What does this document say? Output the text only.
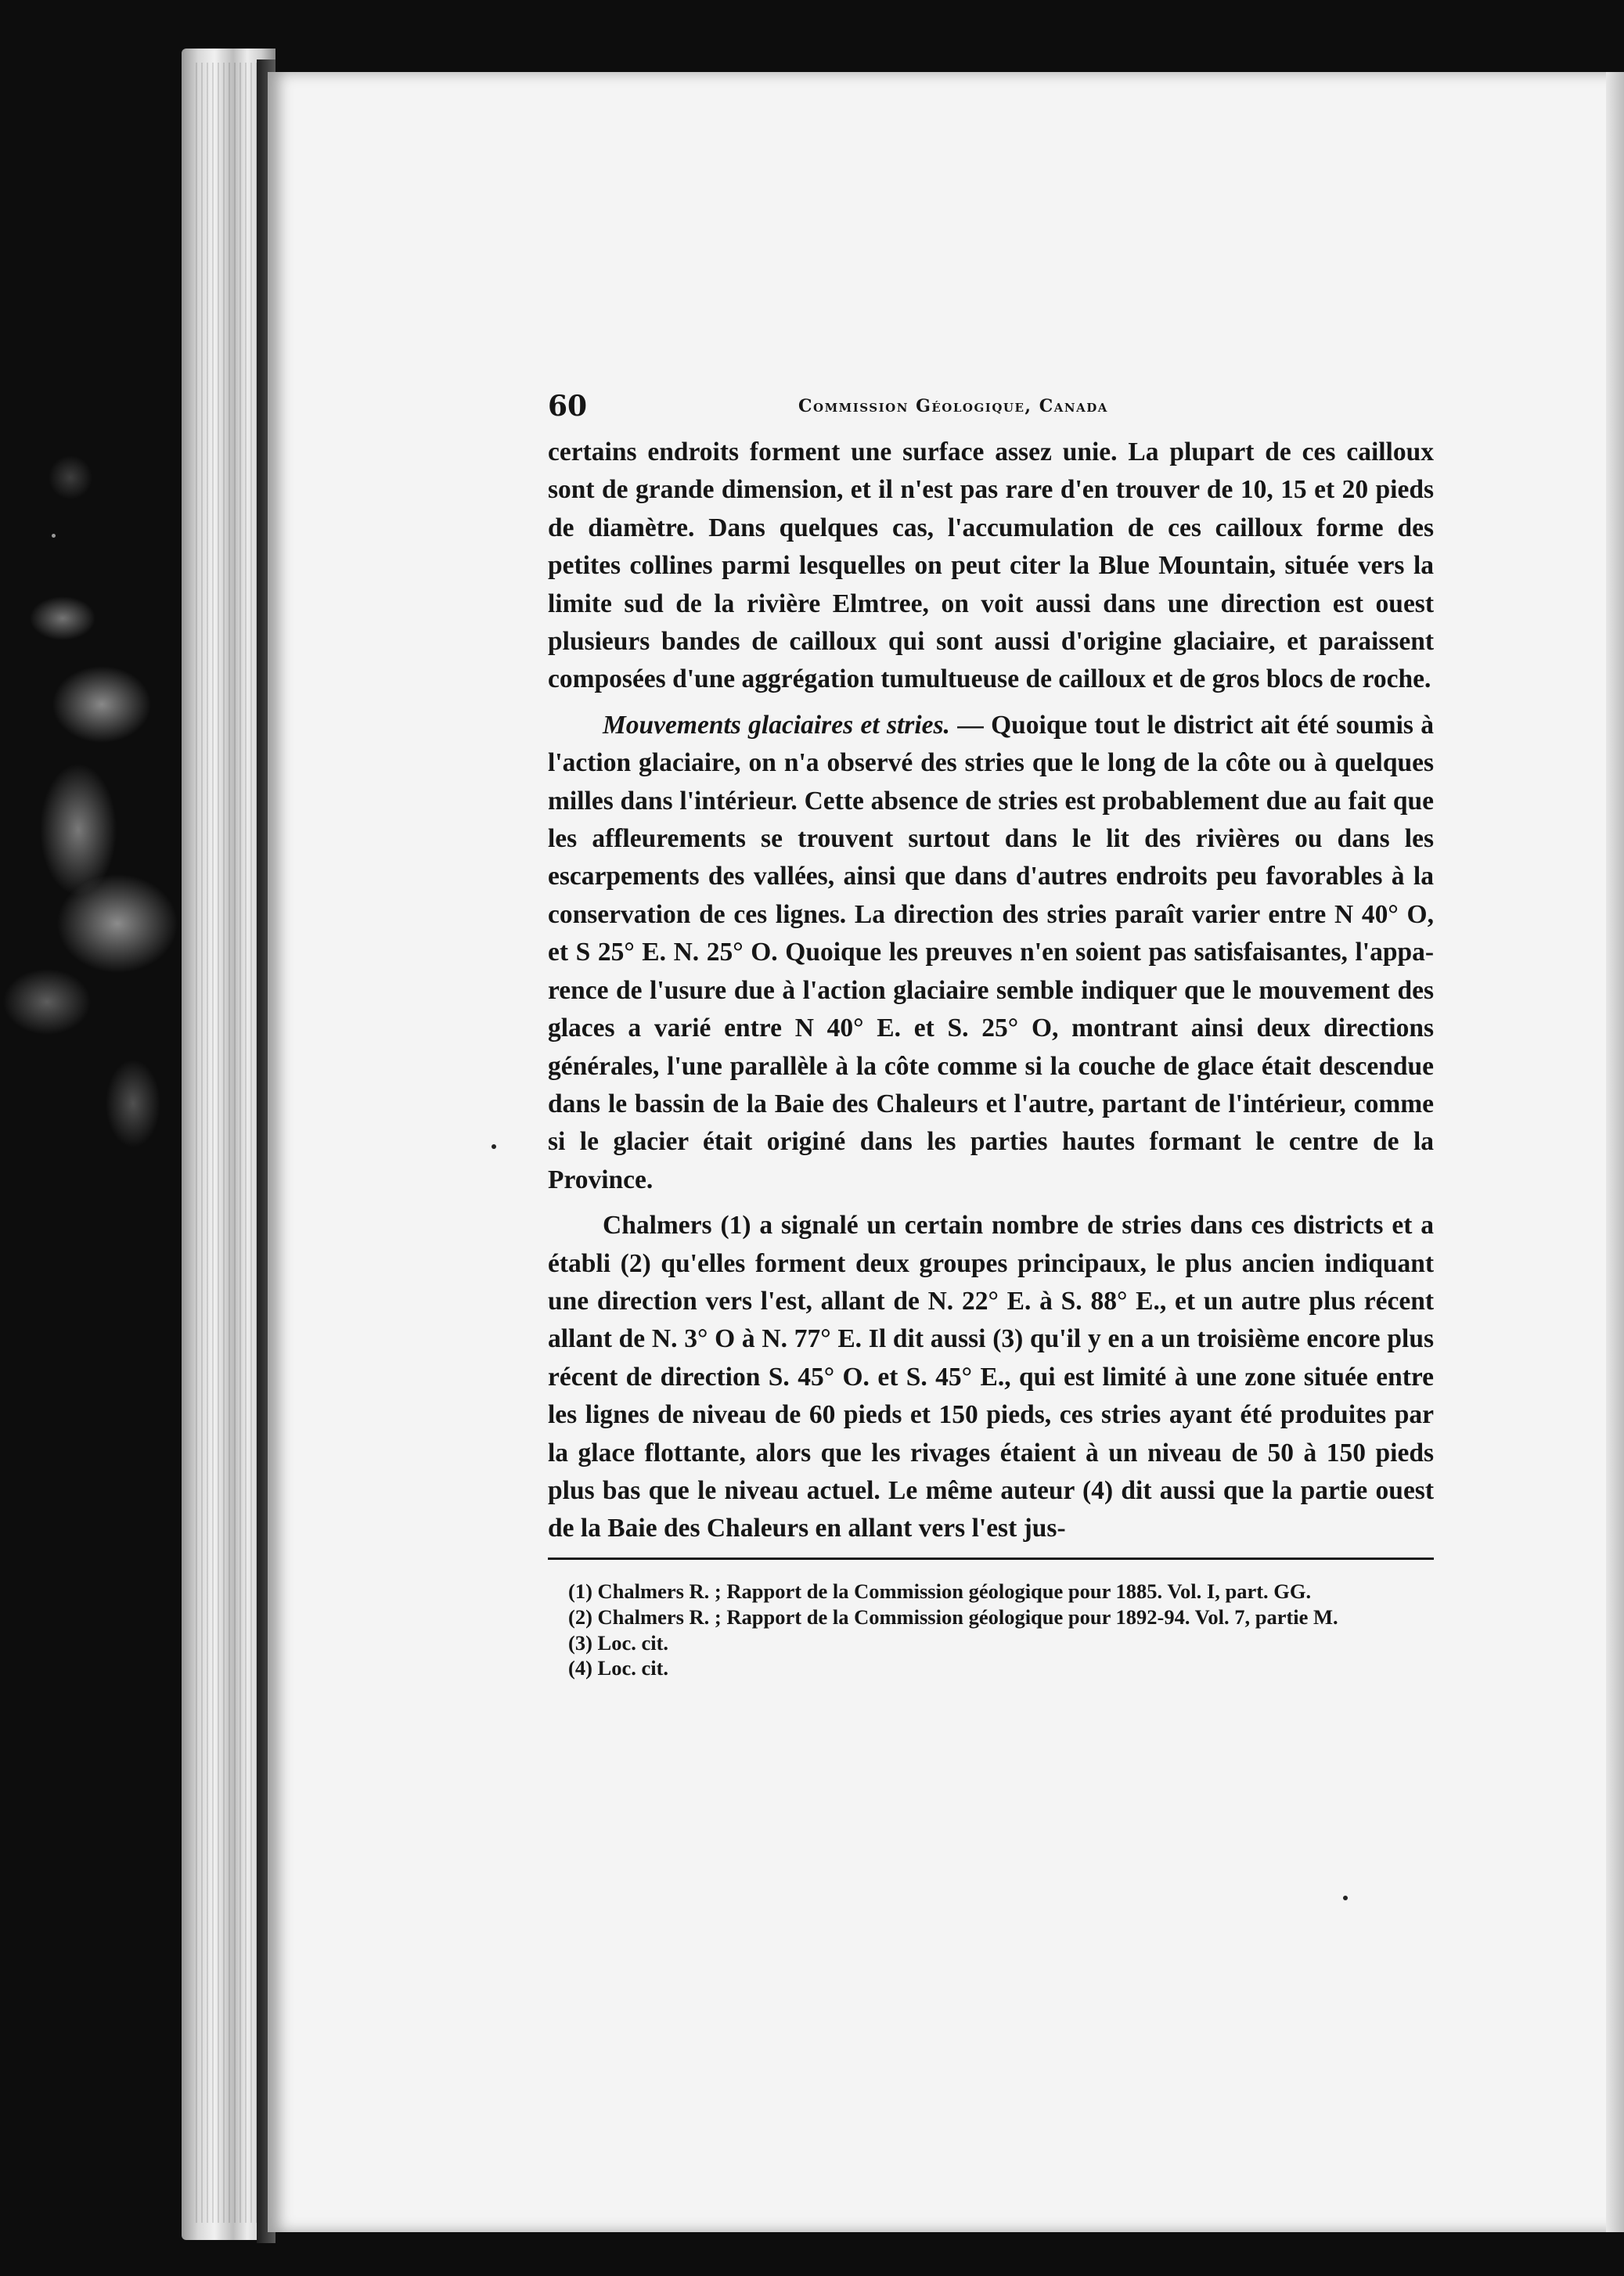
60	Commission Géologique, Canada

certains endroits forment une surface assez unie. La plupart de ces cailloux sont de grande dimension, et il n'est pas rare d'en trouver de 10, 15 et 20 pieds de diamètre. Dans quelques cas, l'accumulation de ces cailloux forme des petites collines parmi lesquelles on peut citer la Blue Mountain, située vers la limite sud de la rivière Elmtree, on voit aussi dans une direction est ouest plusieurs bandes de cailloux qui sont aussi d'origine glaciaire, et paraissent composées d'une aggrégation tumultueuse de cailloux et de gros blocs de roche.

Mouvements glaciaires et stries. — Quoique tout le district ait été soumis à l'action glaciaire, on n'a observé des stries que le long de la côte ou à quelques milles dans l'intérieur. Cette absence de stries est probablement due au fait que les affleurements se trouvent surtout dans le lit des rivières ou dans les escarpements des vallées, ainsi que dans d'autres endroits peu favorables à la conservation de ces lignes. La direction des stries paraît varier entre N 40° O, et S 25° E. N. 25° O. Quoique les preuves n'en soient pas satisfaisantes, l'apparence de l'usure due à l'action glaciaire semble indiquer que le mouvement des glaces a varié entre N 40° E. et S. 25° O, montrant ainsi deux directions générales, l'une parallèle à la côte comme si la couche de glace était descendue dans le bassin de la Baie des Chaleurs et l'autre, partant de l'intérieur, comme si le glacier était originé dans les parties hautes formant le centre de la Province.

Chalmers (1) a signalé un certain nombre de stries dans ces districts et a établi (2) qu'elles forment deux groupes principaux, le plus ancien indiquant une direction vers l'est, allant de N. 22° E. à S. 88° E., et un autre plus récent allant de N. 3° O à N. 77° E. Il dit aussi (3) qu'il y en a un troisième encore plus récent de direction S. 45° O. et S. 45° E., qui est limité à une zone située entre les lignes de niveau de 60 pieds et 150 pieds, ces stries ayant été produites par la glace flottante, alors que les rivages étaient à un niveau de 50 à 150 pieds plus bas que le niveau actuel. Le même auteur (4) dit aussi que la partie ouest de la Baie des Chaleurs en allant vers l'est jus-

(1) Chalmers R. ; Rapport de la Commission géologique pour 1885. Vol. I, part. GG.

(2) Chalmers R. ; Rapport de la Commission géologique pour 1892-94. Vol. 7, partie M.

(3) Loc. cit.

(4) Loc. cit.
